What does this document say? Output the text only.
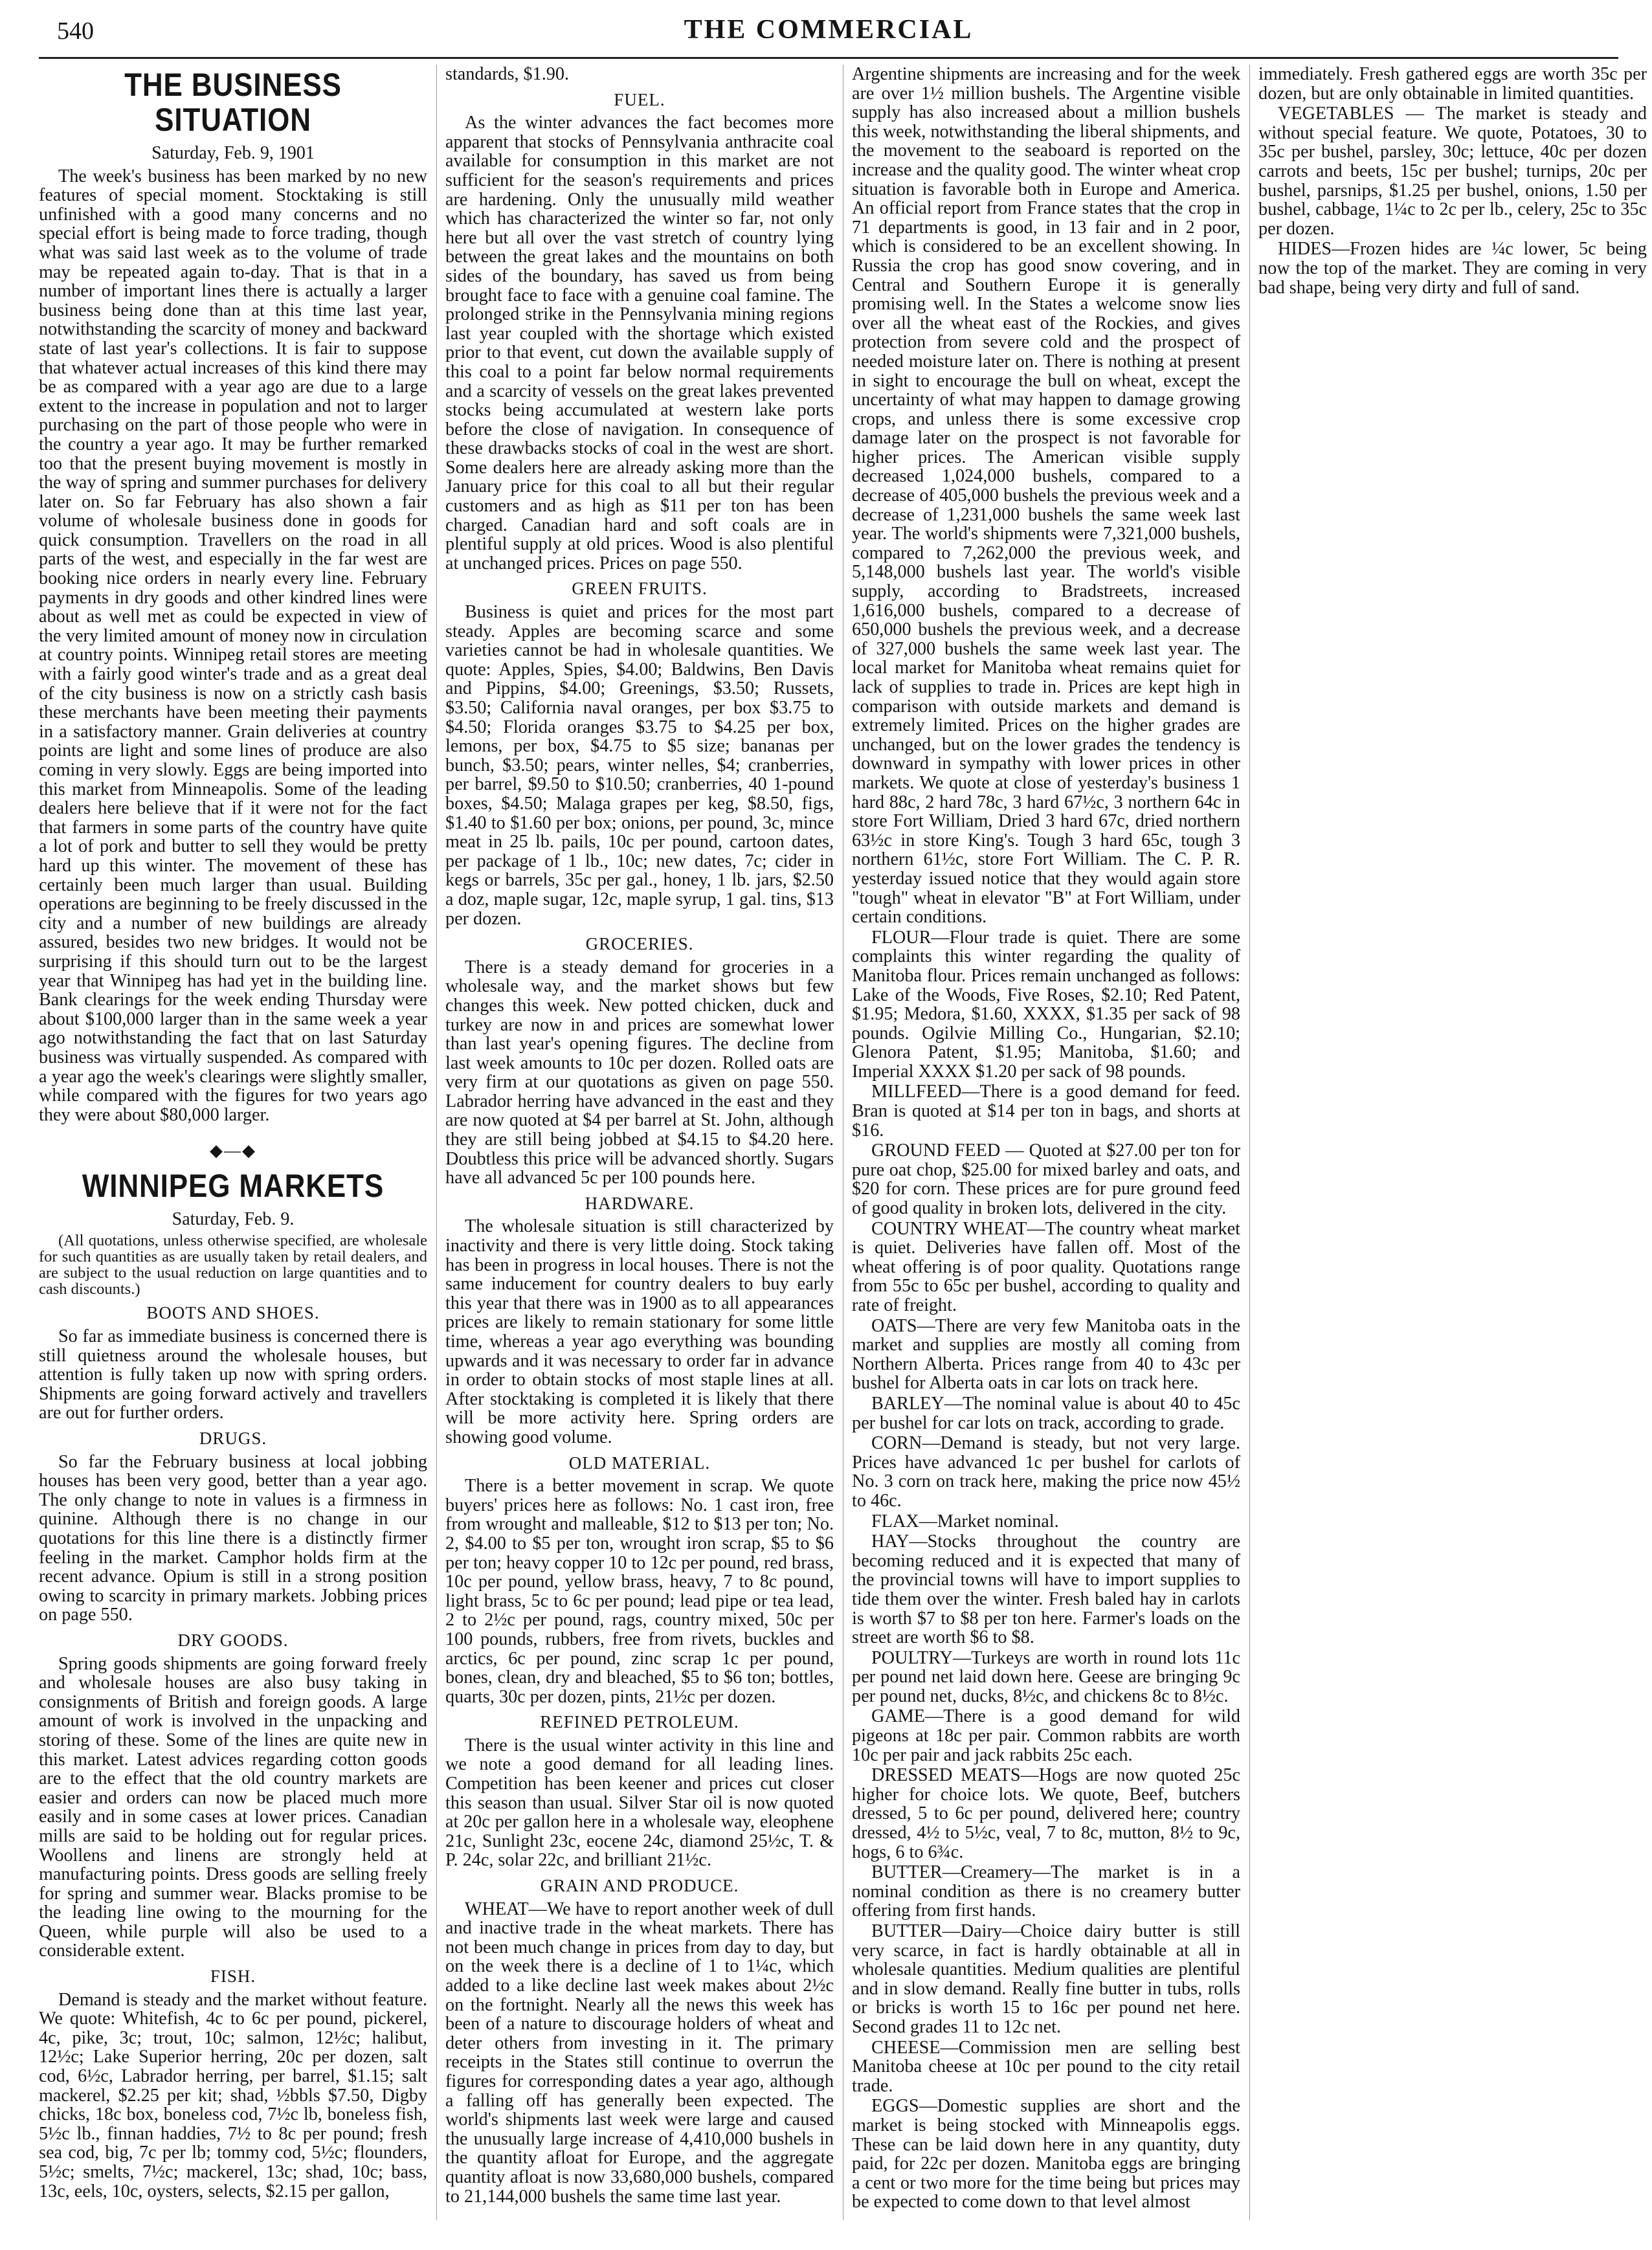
540	THE COMMERCIAL
THE BUSINESS SITUATION
Saturday, Feb. 9, 1901

The week's business has been marked by no new features of special moment. Stocktaking is still unfinished with a good many concerns and no special effort is being made to force trading, though what was said last week as to the volume of trade may be repeated again to-day. That is that in a number of important lines there is actually a larger business being done than at this time last year, notwithstanding the scarcity of money and backward state of last year's collections. It is fair to suppose that whatever actual increases of this kind there may be as compared with a year ago are due to a large extent to the increase in population and not to larger purchasing on the part of those people who were in the country a year ago. It may be further remarked too that the present buying movement is mostly in the way of spring and summer purchases for delivery later on. So far February has also shown a fair volume of wholesale business done in goods for quick consumption. Travellers on the road in all parts of the west, and especially in the far west are booking nice orders in nearly every line. February payments in dry goods and other kindred lines were about as well met as could be expected in view of the very limited amount of money now in circulation at country points. Winnipeg retail stores are meeting with a fairly good winter's trade and as a great deal of the city business is now on a strictly cash basis these merchants have been meeting their payments in a satisfactory manner. Grain deliveries at country points are light and some lines of produce are also coming in very slowly. Eggs are being imported into this market from Minneapolis. Some of the leading dealers here believe that if it were not for the fact that farmers in some parts of the country have quite a lot of pork and butter to sell they would be pretty hard up this winter. The movement of these has certainly been much larger than usual. Building operations are beginning to be freely discussed in the city and a number of new buildings are already assured, besides two new bridges. It would not be surprising if this should turn out to be the largest year that Winnipeg has had yet in the building line. Bank clearings for the week ending Thursday were about $100,000 larger than in the same week a year ago notwithstanding the fact that on last Saturday business was virtually suspended. As compared with a year ago the week's clearings were slightly smaller, while compared with the figures for two years ago they were about $80,000 larger.

◆—◆
WINNIPEG MARKETS
Saturday, Feb. 9.
(All quotations, unless otherwise specified, are wholesale for such quantities as are usually taken by retail dealers, and are subject to the usual reduction on large quantities and to cash discounts.)
BOOTS AND SHOES.

So far as immediate business is concerned there is still quietness around the wholesale houses, but attention is fully taken up now with spring orders. Shipments are going forward actively and travellers are out for further orders.

DRUGS.

So far the February business at local jobbing houses has been very good, better than a year ago. The only change to note in values is a firmness in quinine. Although there is no change in our quotations for this line there is a distinctly firmer feeling in the market. Camphor holds firm at the recent advance. Opium is still in a strong position owing to scarcity in primary markets. Jobbing prices on page 550.

DRY GOODS.

Spring goods shipments are going forward freely and wholesale houses are also busy taking in consignments of British and foreign goods. A large amount of work is involved in the unpacking and storing of these. Some of the lines are quite new in this market. Latest advices regarding cotton goods are to the effect that the old country markets are easier and orders can now be placed much more easily and in some cases at lower prices. Canadian mills are said to be holding out for regular prices. Woollens and linens are strongly held at manufacturing points. Dress goods are selling freely for spring and summer wear. Blacks promise to be the leading line owing to the mourning for the Queen, while purple will also be used to a considerable extent.

FISH.

Demand is steady and the market without feature. We quote: Whitefish, 4c to 6c per pound, pickerel, 4c, pike, 3c; trout, 10c; salmon, 12½c; halibut, 12½c; Lake Superior herring, 20c per dozen, salt cod, 6½c, Labrador herring, per barrel, $1.15; salt mackerel, $2.25 per kit; shad, ½bbls $7.50, Digby chicks, 18c box, boneless cod, 7½c lb, boneless fish, 5½c lb., finnan haddies, 7½ to 8c per pound; fresh sea cod, big, 7c per lb; tommy cod, 5½c; flounders, 5½c; smelts, 7½c; mackerel, 13c; shad, 10c; bass, 13c, eels, 10c, oysters, selects, $2.15 per gallon,

standards, $1.90.

FUEL.

As the winter advances the fact becomes more apparent that stocks of Pennsylvania anthracite coal available for consumption in this market are not sufficient for the season's requirements and prices are hardening. Only the unusually mild weather which has characterized the winter so far, not only here but all over the vast stretch of country lying between the great lakes and the mountains on both sides of the boundary, has saved us from being brought face to face with a genuine coal famine. The prolonged strike in the Pennsylvania mining regions last year coupled with the shortage which existed prior to that event, cut down the available supply of this coal to a point far below normal requirements and a scarcity of vessels on the great lakes prevented stocks being accumulated at western lake ports before the close of navigation. In consequence of these drawbacks stocks of coal in the west are short. Some dealers here are already asking more than the January price for this coal to all but their regular customers and as high as $11 per ton has been charged. Canadian hard and soft coals are in plentiful supply at old prices. Wood is also plentiful at unchanged prices. Prices on page 550.

GREEN FRUITS.

Business is quiet and prices for the most part steady. Apples are becoming scarce and some varieties cannot be had in wholesale quantities. We quote: Apples, Spies, $4.00; Baldwins, Ben Davis and Pippins, $4.00; Greenings, $3.50; Russets, $3.50; California naval oranges, per box $3.75 to $4.50; Florida oranges $3.75 to $4.25 per box, lemons, per box, $4.75 to $5 size; bananas per bunch, $3.50; pears, winter nelles, $4; cranberries, per barrel, $9.50 to $10.50; cranberries, 40 1-pound boxes, $4.50; Malaga grapes per keg, $8.50, figs, $1.40 to $1.60 per box; onions, per pound, 3c, mince meat in 25 lb. pails, 10c per pound, cartoon dates, per package of 1 lb., 10c; new dates, 7c; cider in kegs or barrels, 35c per gal., honey, 1 lb. jars, $2.50 a doz, maple sugar, 12c, maple syrup, 1 gal. tins, $13 per dozen.

GROCERIES.

There is a steady demand for groceries in a wholesale way, and the market shows but few changes this week. New potted chicken, duck and turkey are now in and prices are somewhat lower than last year's opening figures. The decline from last week amounts to 10c per dozen. Rolled oats are very firm at our quotations as given on page 550. Labrador herring have advanced in the east and they are now quoted at $4 per barrel at St. John, although they are still being jobbed at $4.15 to $4.20 here. Doubtless this price will be advanced shortly. Sugars have all advanced 5c per 100 pounds here.

HARDWARE.

The wholesale situation is still characterized by inactivity and there is very little doing. Stock taking has been in progress in local houses. There is not the same inducement for country dealers to buy early this year that there was in 1900 as to all appearances prices are likely to remain stationary for some little time, whereas a year ago everything was bounding upwards and it was necessary to order far in advance in order to obtain stocks of most staple lines at all. After stocktaking is completed it is likely that there will be more activity here. Spring orders are showing good volume.

OLD MATERIAL.

There is a better movement in scrap. We quote buyers' prices here as follows: No. 1 cast iron, free from wrought and malleable, $12 to $13 per ton; No. 2, $4.00 to $5 per ton, wrought iron scrap, $5 to $6 per ton; heavy copper 10 to 12c per pound, red brass, 10c per pound, yellow brass, heavy, 7 to 8c pound, light brass, 5c to 6c per pound; lead pipe or tea lead, 2 to 2½c per pound, rags, country mixed, 50c per 100 pounds, rubbers, free from rivets, buckles and arctics, 6c per pound, zinc scrap 1c per pound, bones, clean, dry and bleached, $5 to $6 ton; bottles, quarts, 30c per dozen, pints, 21½c per dozen.

REFINED PETROLEUM.

There is the usual winter activity in this line and we note a good demand for all leading lines. Competition has been keener and prices cut closer this season than usual. Silver Star oil is now quoted at 20c per gallon here in a wholesale way, eleophene 21c, Sunlight 23c, eocene 24c, diamond 25½c, T. & P. 24c, solar 22c, and brilliant 21½c.

GRAIN AND PRODUCE.

WHEAT—We have to report another week of dull and inactive trade in the wheat markets. There has not been much change in prices from day to day, but on the week there is a decline of 1 to 1¼c, which added to a like decline last week makes about 2½c on the fortnight. Nearly all the news this week has been of a nature to discourage holders of wheat and deter others from investing in it. The primary receipts in the States still continue to overrun the figures for corresponding dates a year ago, although a falling off has generally been expected. The world's shipments last week were large and caused the unusually large increase of 4,410,000 bushels in the quantity afloat for Europe, and the aggregate quantity afloat is now 33,680,000 bushels, compared to 21,144,000 bushels the same time last year.

Argentine shipments are increasing and for the week are over 1½ million bushels. The Argentine visible supply has also increased about a million bushels this week, notwithstanding the liberal shipments, and the movement to the seaboard is reported on the increase and the quality good. The winter wheat crop situation is favorable both in Europe and America. An official report from France states that the crop in 71 departments is good, in 13 fair and in 2 poor, which is considered to be an excellent showing. In Russia the crop has good snow covering, and in Central and Southern Europe it is generally promising well. In the States a welcome snow lies over all the wheat east of the Rockies, and gives protection from severe cold and the prospect of needed moisture later on. There is nothing at present in sight to encourage the bull on wheat, except the uncertainty of what may happen to damage growing crops, and unless there is some excessive crop damage later on the prospect is not favorable for higher prices. The American visible supply decreased 1,024,000 bushels, compared to a decrease of 405,000 bushels the previous week and a decrease of 1,231,000 bushels the same week last year. The world's shipments were 7,321,000 bushels, compared to 7,262,000 the previous week, and 5,148,000 bushels last year. The world's visible supply, according to Bradstreets, increased 1,616,000 bushels, compared to a decrease of 650,000 bushels the previous week, and a decrease of 327,000 bushels the same week last year. The local market for Manitoba wheat remains quiet for lack of supplies to trade in. Prices are kept high in comparison with outside markets and demand is extremely limited. Prices on the higher grades are unchanged, but on the lower grades the tendency is downward in sympathy with lower prices in other markets. We quote at close of yesterday's business 1 hard 88c, 2 hard 78c, 3 hard 67½c, 3 northern 64c in store Fort William, Dried 3 hard 67c, dried northern 63½c in store King's. Tough 3 hard 65c, tough 3 northern 61½c, store Fort William. The C. P. R. yesterday issued notice that they would again store "tough" wheat in elevator "B" at Fort William, under certain conditions.

FLOUR—Flour trade is quiet. There are some complaints this winter regarding the quality of Manitoba flour. Prices remain unchanged as follows: Lake of the Woods, Five Roses, $2.10; Red Patent, $1.95; Medora, $1.60, XXXX, $1.35 per sack of 98 pounds. Ogilvie Milling Co., Hungarian, $2.10; Glenora Patent, $1.95; Manitoba, $1.60; and Imperial XXXX $1.20 per sack of 98 pounds.

MILLFEED—There is a good demand for feed. Bran is quoted at $14 per ton in bags, and shorts at $16.

GROUND FEED — Quoted at $27.00 per ton for pure oat chop, $25.00 for mixed barley and oats, and $20 for corn. These prices are for pure ground feed of good quality in broken lots, delivered in the city.

COUNTRY WHEAT—The country wheat market is quiet. Deliveries have fallen off. Most of the wheat offering is of poor quality. Quotations range from 55c to 65c per bushel, according to quality and rate of freight.

OATS—There are very few Manitoba oats in the market and supplies are mostly all coming from Northern Alberta. Prices range from 40 to 43c per bushel for Alberta oats in car lots on track here.

BARLEY—The nominal value is about 40 to 45c per bushel for car lots on track, according to grade.

CORN—Demand is steady, but not very large. Prices have advanced 1c per bushel for carlots of No. 3 corn on track here, making the price now 45½ to 46c.

FLAX—Market nominal.

HAY—Stocks throughout the country are becoming reduced and it is expected that many of the provincial towns will have to import supplies to tide them over the winter. Fresh baled hay in carlots is worth $7 to $8 per ton here. Farmer's loads on the street are worth $6 to $8.

POULTRY—Turkeys are worth in round lots 11c per pound net laid down here. Geese are bringing 9c per pound net, ducks, 8½c, and chickens 8c to 8½c.

GAME—There is a good demand for wild pigeons at 18c per pair. Common rabbits are worth 10c per pair and jack rabbits 25c each.

DRESSED MEATS—Hogs are now quoted 25c higher for choice lots. We quote, Beef, butchers dressed, 5 to 6c per pound, delivered here; country dressed, 4½ to 5½c, veal, 7 to 8c, mutton, 8½ to 9c, hogs, 6 to 6¾c.

BUTTER—Creamery—The market is in a nominal condition as there is no creamery butter offering from first hands.

BUTTER—Dairy—Choice dairy butter is still very scarce, in fact is hardly obtainable at all in wholesale quantities. Medium qualities are plentiful and in slow demand. Really fine butter in tubs, rolls or bricks is worth 15 to 16c per pound net here. Second grades 11 to 12c net.

CHEESE—Commission men are selling best Manitoba cheese at 10c per pound to the city retail trade.

EGGS—Domestic supplies are short and the market is being stocked with Minneapolis eggs. These can be laid down here in any quantity, duty paid, for 22c per dozen. Manitoba eggs are bringing a cent or two more for the time being but prices may be expected to come down to that level almost

immediately. Fresh gathered eggs are worth 35c per dozen, but are only obtainable in limited quantities.

VEGETABLES — The market is steady and without special feature. We quote, Potatoes, 30 to 35c per bushel, parsley, 30c; lettuce, 40c per dozen carrots and beets, 15c per bushel; turnips, 20c per bushel, parsnips, $1.25 per bushel, onions, 1.50 per bushel, cabbage, 1¼c to 2c per lb., celery, 25c to 35c per dozen.

HIDES—Frozen hides are ¼c lower, 5c being now the top of the market. They are coming in very bad shape, being very dirty and full of sand.
